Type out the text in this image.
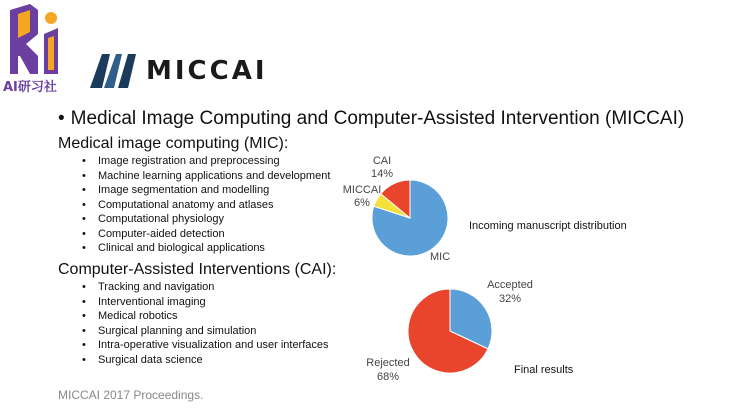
AI研习社
MICCAI
• Medical Image Computing and Computer-Assisted Intervention (MICCAI)
Medical image computing (MIC):
• Image registration and preprocessing
• Machine learning applications and development
• Image segmentation and modelling
• Computational anatomy and atlases
• Computational physiology
• Computer-aided detection
• Clinical and biological applications
Computer-Assisted Interventions (CAI):
• Tracking and navigation
• Interventional imaging
• Medical robotics
• Surgical planning and simulation
• Intra-operative visualization and user interfaces
• Surgical data science
CAI
14%
MICCAI
6%
MIC
Incoming manuscript distribution
Accepted
32%
Rejected
68%
Final results
MICCAI 2017 Proceedings.
